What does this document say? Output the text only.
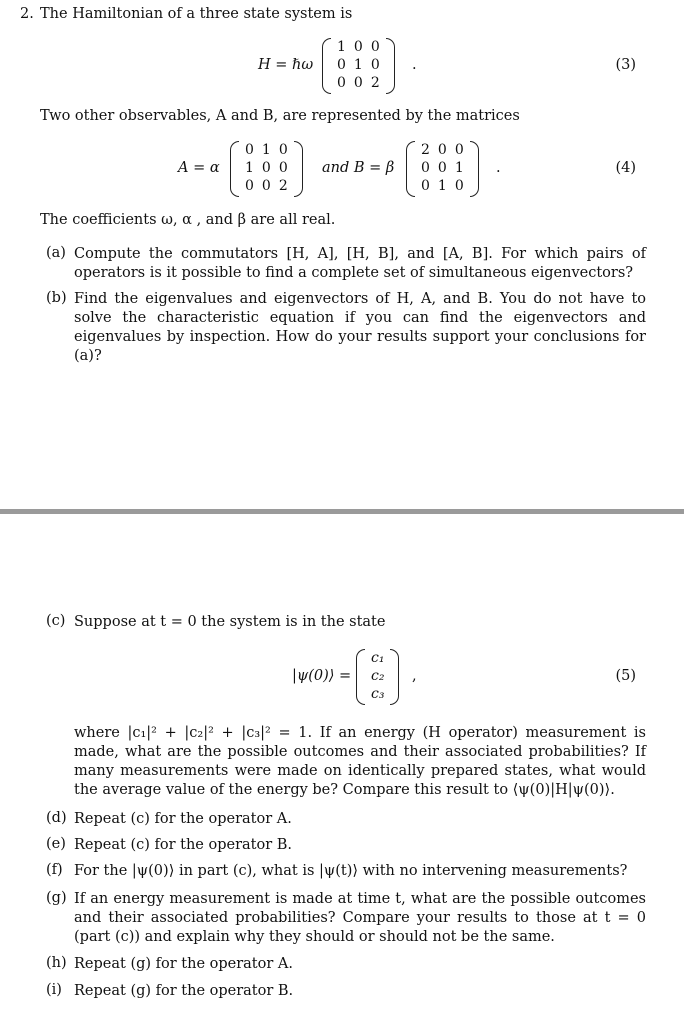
2. The Hamiltonian of a three state system is
H = ℏω
1	0	0
0	1	0
0	0	2
.	(3)
Two other observables, A and B, are represented by the matrices
A = α
0	1	0
1	0	0
0	0	2
and B = β
2	0	0
0	0	1
0	1	0
.	(4)
The coefficients ω, α , and β are all real.
(a) Compute the commutators [H, A], [H, B], and [A, B]. For which pairs of operators is it possible to find a complete set of simultaneous eigenvectors?
(b) Find the eigenvalues and eigenvectors of H, A, and B. You do not have to solve the characteristic equation if you can find the eigenvectors and eigenvalues by inspection. How do your results support your conclusions for (a)?
(c) Suppose at t = 0 the system is in the state
|ψ(0)⟩ =
c₁
c₂
c₃
,	(5)
where |c₁|² + |c₂|² + |c₃|² = 1. If an energy (H operator) measurement is made, what are the possible outcomes and their associated probabilities? If many measurements were made on identically prepared states, what would the average value of the energy be? Compare this result to ⟨ψ(0)|H|ψ(0)⟩.
(d) Repeat (c) for the operator A.
(e) Repeat (c) for the operator B.
(f) For the |ψ(0)⟩ in part (c), what is |ψ(t)⟩ with no intervening measurements?
(g) If an energy measurement is made at time t, what are the possible outcomes and their associated probabilities? Compare your results to those at t = 0 (part (c)) and explain why they should or should not be the same.
(h) Repeat (g) for the operator A.
(i) Repeat (g) for the operator B.
